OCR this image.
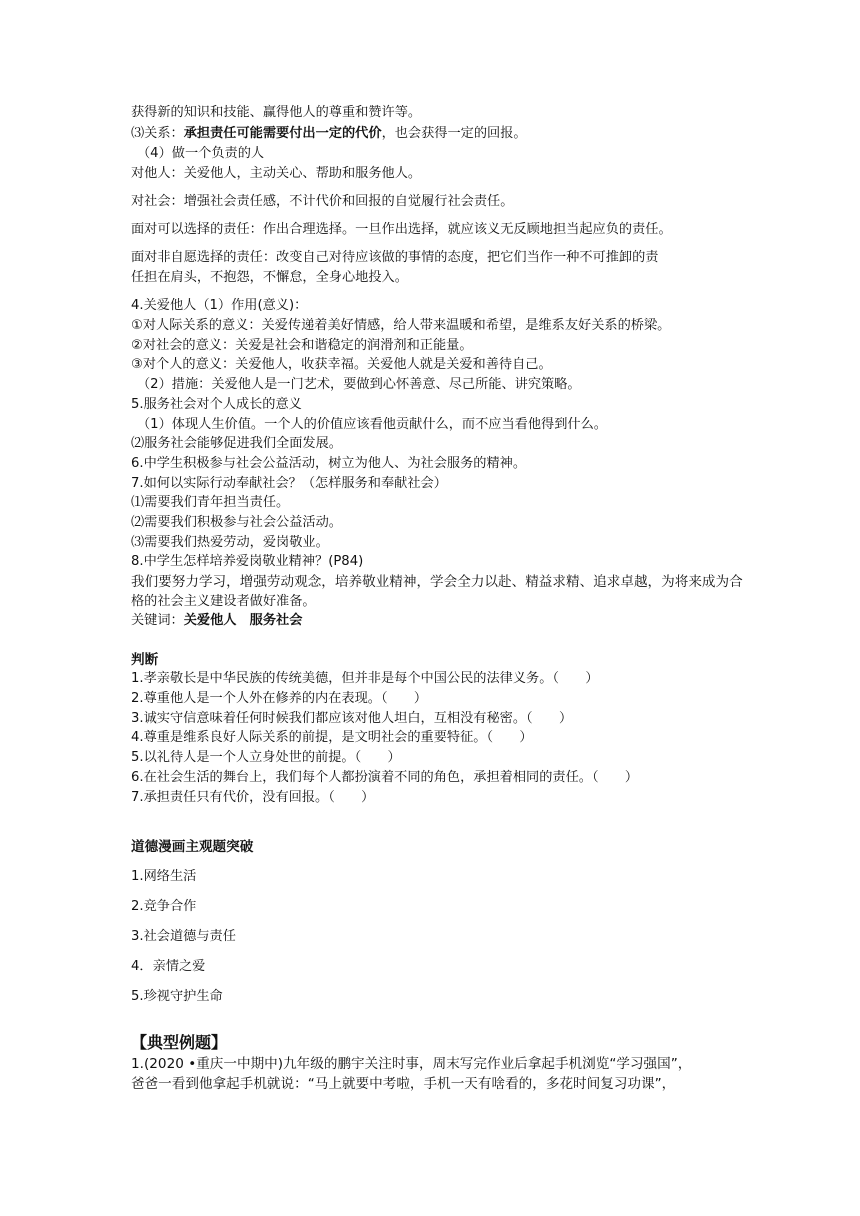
获得新的知识和技能、赢得他人的尊重和赞许等。
⑶关系：承担责任可能需要付出一定的代价，也会获得一定的回报。
（4）做一个负责的人
对他人：关爱他人，主动关心、帮助和服务他人。
对社会：增强社会责任感，不计代价和回报的自觉履行社会责任。
面对可以选择的责任：作出合理选择。一旦作出选择，就应该义无反顾地担当起应负的责任。
面对非自愿选择的责任：改变自己对待应该做的事情的态度，把它们当作一种不可推卸的责
任担在肩头，不抱怨，不懈怠，全身心地投入。
4.关爱他人（1）作用(意义)：
①对人际关系的意义：关爱传递着美好情感，给人带来温暖和希望，是维系友好关系的桥梁。
②对社会的意义：关爱是社会和谐稳定的润滑剂和正能量。
③对个人的意义：关爱他人，收获幸福。关爱他人就是关爱和善待自己。
（2）措施：关爱他人是一门艺术，要做到心怀善意、尽己所能、讲究策略。
5.服务社会对个人成长的意义
（1）体现人生价值。一个人的价值应该看他贡献什么，而不应当看他得到什么。
⑵服务社会能够促进我们全面发展。
6.中学生积极参与社会公益活动，树立为他人、为社会服务的精神。
7.如何以实际行动奉献社会？（怎样服务和奉献社会）
⑴需要我们青年担当责任。
⑵需要我们积极参与社会公益活动。
⑶需要我们热爱劳动，爱岗敬业。
8.中学生怎样培养爱岗敬业精神？(P84)
我们要努力学习，增强劳动观念，培养敬业精神，学会全力以赴、精益求精、追求卓越，为将来成为合
格的社会主义建设者做好准备。
关键词：关爱他人　服务社会
判断
1.孝亲敬长是中华民族的传统美德，但并非是每个中国公民的法律义务。（　　）
2.尊重他人是一个人外在修养的内在表现。（　　）
3.诚实守信意味着任何时候我们都应该对他人坦白，互相没有秘密。（　　）
4.尊重是维系良好人际关系的前提，是文明社会的重要特征。（　　）
5.以礼待人是一个人立身处世的前提。（　　）
6.在社会生活的舞台上，我们每个人都扮演着不同的角色，承担着相同的责任。（　　）
7.承担责任只有代价，没有回报。（　　）
道德漫画主观题突破
1.网络生活
2.竞争合作
3.社会道德与责任
4．亲情之爱
5.珍视守护生命
【典型例题】
1.(2020 •重庆一中期中)九年级的鹏宇关注时事，周末写完作业后拿起手机浏览“学习强国”，
爸爸一看到他拿起手机就说：“马上就要中考啦，手机一天有啥看的，多花时间复习功课”，
